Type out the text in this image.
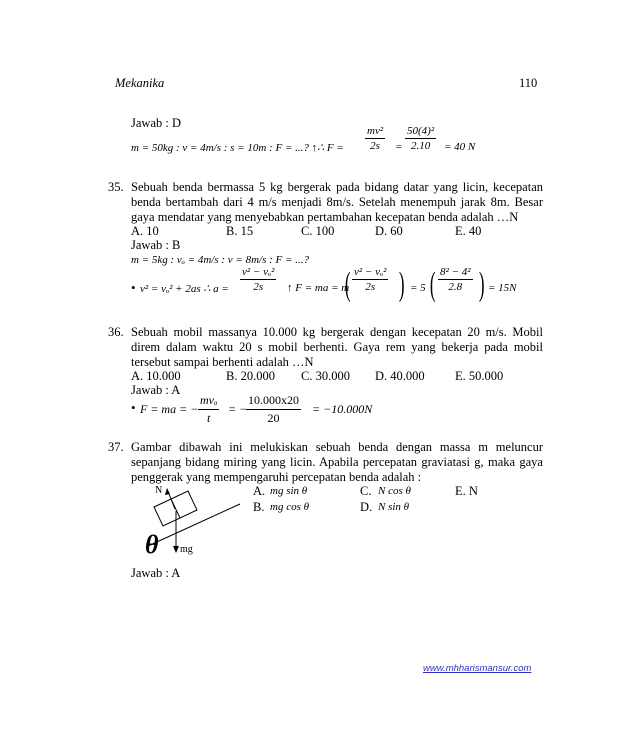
Mekanika	110
Jawab : D
m = 50kg : v = 4m/s : s = 10m : F = ...? ↑∴ $F = \frac{\text{mv²}}{2s} = \frac{\text{50(4)²}}{2.10} = 40$ N
35. Sebuah benda bermassa 5 kg bergerak pada bidang datar yang licin, kecepatan
benda bertambah dari 4 m/s menjadi 8m/s. Setelah menempuh jarak 8m. Besar
gaya mendatar yang menyebabkan pertambahan kecepatan benda adalah …N
A. 10	B. 15	C. 100	D. 60	E. 40
Jawab : B
m = 5kg : vₒ = 4m/s : v = 8m/s : F = ...?
• v² = vₒ² + 2as ∴ $a = \frac{\text{v² − vₒ²}}{2s}$ ↑ F = ma = m
( $\frac{\text{v² − vₒ²}}{2s}$ ) = 5 ( $\frac{\text{8² − 4²}}{2.8}$ ) = 15N
36. Sebuah mobil massanya 10.000 kg bergerak dengan kecepatan 20 m/s. Mobil
direm dalam waktu 20 s mobil berhenti. Gaya rem yang bekerja pada mobil
tersebut sampai berhenti adalah …N
A. 10.000	B. 20.000 C. 30.000 D. 40.000 E. 50.000
Jawab : A
• F = ma = −
mvₒ
t
= −
$\frac{10.000x20}{20} = -10.000N$
37. Gambar dibawah ini melukiskan sebuah benda dengan massa m meluncur
sepanjang bidang miring yang licin. Apabila percepatan graviatasi g, maka gaya
penggerak yang mempengaruhi percepatan benda adalah :
A. mg sin θ
B. mg cos θ
C. N cos θ
D. N sin θ
E. N
N
θ mg
Jawab : A
www.mhharismansur.com
